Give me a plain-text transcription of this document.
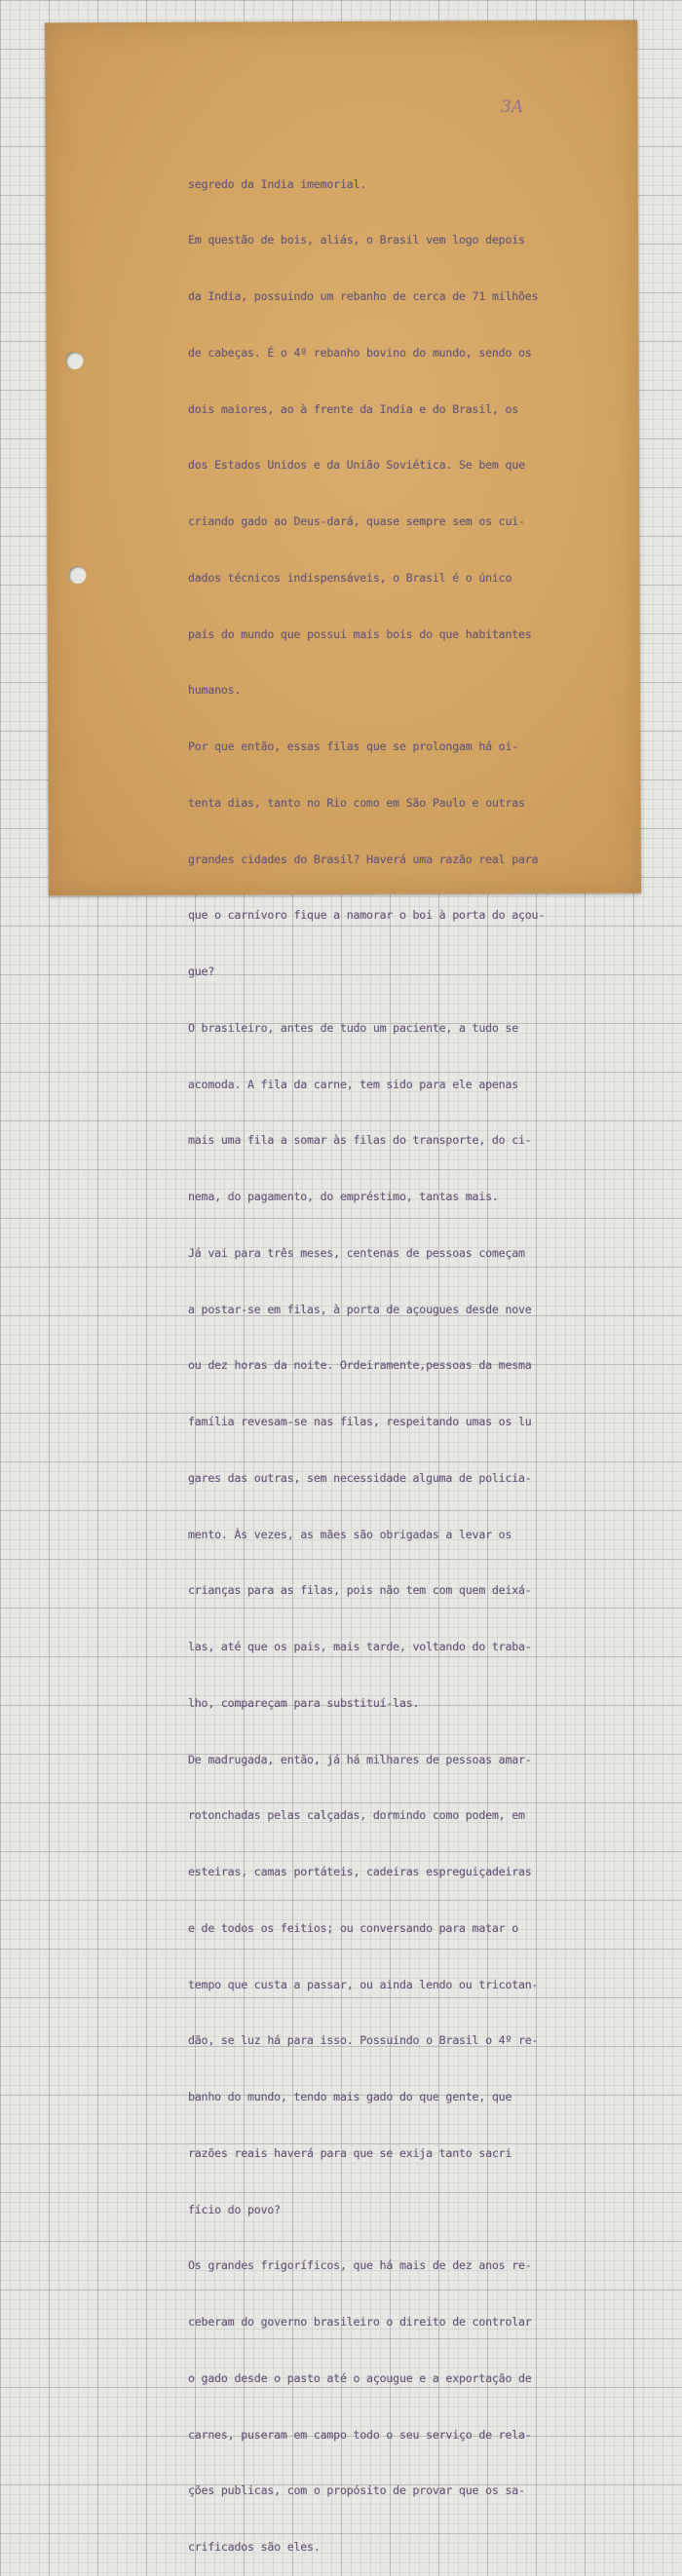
3A

segredo da India imemorial.

Em questão de bois, aliás, o Brasil vem logo depois

da India, possuindo um rebanho de cerca de 71 milhões

de cabeças. É o 4º rebanho bovino do mundo, sendo os

dois maiores, ao à frente da India e do Brasil, os

dos Estados Unidos e da União Soviética. Se bem que

criando gado ao Deus-dará, quase sempre sem os cui-

dados técnicos indispensáveis, o Brasil é o único

país do mundo que possui mais bois do que habitantes

humanos.

Por que então, essas filas que se prolongam há oi-

tenta dias, tanto no Rio como em São Paulo e outras

grandes cidades do Brasil? Haverá uma razão real para

que o carnívoro fique a namorar o boi à porta do açou-

gue?

O brasileiro, antes de tudo um paciente, a tudo se

acomoda. A fila da carne, tem sido para ele apenas

mais uma fila a somar às filas do transporte, do ci-

nema, do pagamento, do empréstimo, tantas mais.

Já vai para três meses, centenas de pessoas começam

a postar-se em filas, à porta de açougues desde nove

ou dez horas da noite. Ordeiramente,pessoas da mesma

família revesam-se nas filas, respeitando umas os lu

gares das outras, sem necessidade alguma de policia-

mento. Às vezes, as mães são obrigadas a levar os

crianças para as filas, pois não tem com quem deixá-

las, até que os pais, mais tarde, voltando do traba-

lho, compareçam para substituí-las.

De madrugada, então, já há milhares de pessoas amar-

rotonchadas pelas calçadas, dormindo como podem, em

esteiras, camas portáteis, cadeiras espreguiçadeiras

e de todos os feitios; ou conversando para matar o

tempo que custa a passar, ou ainda lendo ou tricotan-

dão, se luz há para isso. Possuindo o Brasil o 4º re-

banho do mundo, tendo mais gado do que gente, que

razões reais haverá para que se exija tanto sacri

fício do povo?

Os grandes frigoríficos, que há mais de dez anos re-

ceberam do governo brasileiro o direito de controlar

o gado desde o pasto até o açougue e a exportação de

carnes, puseram em campo todo o seu serviço de rela-

ções publicas, com o propósito de provar que os sa-

crificados são eles.
